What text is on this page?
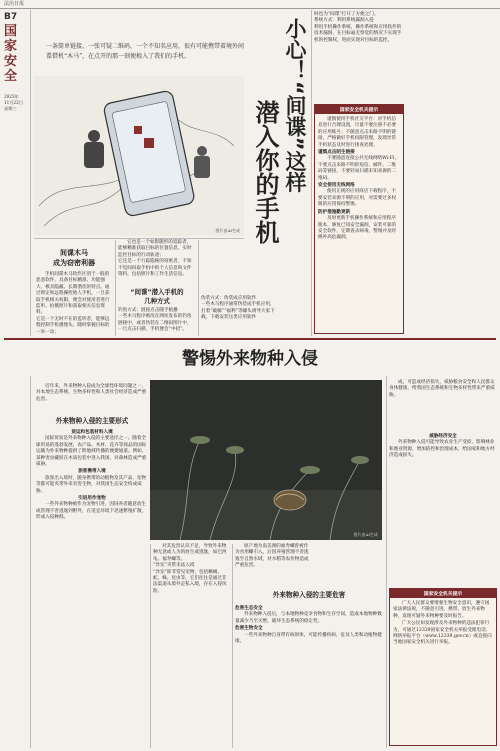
法治日报
B7
国家
安全
2023年
11月22日
星期三
一条简单链接、一张可疑二维码、一个不知名应用，很有可能携带着境外间谍借机“木马”，在点开的那一刻便植入了我们的手机。	小心！“间谍”这样
潜入你的手机
图片由AI生成
间谍木马
成为窃密利器
手机间谍木马软件区别于一般的恶意软件，具备目标精准、功能强大、极具隐蔽、长期潜伏的特点。通过锁定和远程操控他人手机，一旦获取手机相关权限，便会对使用者进行监听、拍摄照片和获取相关信息资料。
它是一个无时不在的监听者，能够远程控制手机摄像头、随时掌握目标的一举一动；
它也是一个如影随形的追踪者，能够精准获取目标的位置信息，实时监控目标的行动轨迹；
它还是一个行踪隐秘的窃密者，不知不觉间窃取手机中的个人信息和文件资料，包括照片和工作生活信息。
“间谍”潜入手机的
几种方式
钓鱼方式：链接点击随手植播
一些木马程序被改在网址发布的钓鱼链接中，或者伪装在二维码图片中，一旦点击扫描，手机便会“中招”。
伪装方式：伪装成应用软件
一些木马程序通常伪装成手机应用，打着“破解”“福利”等噱头诱导大家下载，下载安装这类应用软件
时也为“间谍”打开了方便之门。
系统方式：利用系统漏洞入侵
利用手机操作系统、操作系统和应用软件的技术漏洞，在目标毫无察觉的情况下实现手机的控制权，进而实现对目标的监控。
国家安全机关提示
谨慎使用手机社交平台：对手机信息进行合理设置，尽量不要注册不必要的应用账号；不随意点击来路不明的链接，严格做好手机权限管理，发现异常手机状态及时进行排查处理。
谨慎点击陌生链接
不要随意连接公共无线网络Wi-Fi，不要点击来路不明的短信、邮件、二维码等链接，不要轻易扫描未知来源的二维码。
安全使用无线网络
使用正规的应用商店下载程序，不要安装来源不明的应用，对需要过多权限的应用保持警惕。
防护措施勤更新
及时更新手机操作系统和应用程序版本，修复已知安全漏洞，安装可靠的安全软件，定期查杀病毒，警惕并及时修补高危漏洞。
警惕外来物种入侵
近年来，外来物种入侵成为全球性环境问题之一，对本地生态系统、生物多样性和人类社会经济造成严重危害。
外来物种入侵的主要形式
货运和包装材料入境
国际贸易是外来物种入侵的主要途径之一。随着全球贸易的蓬勃发展，农产品、木材、花卉等商品的国际运输为外来物种提供了跨地域传播的便捷通道。例如，某种害虫藏匿在木质包装中进入我国，对森林造成严重威胁。
旅客携带入境
旅客出入境时，随身携带的动植物及其产品、宠物等都可能夹带外来有害生物，对我国生态安全构成威胁。
引进用作宠物
一些外来物种被作为宠物引进，因饲养者随意放生或管理不善逃逸到野外，在适宜环境下迅速繁殖扩散，形成入侵种群。
图片由AI生成
对其危害认识不足，导致外来物种无意或人为的放生或逃逸，如巴西龟、福寿螺等。
“异宠”夹带未法入境
“异宠”即非常见宠物，包括蜥蜴、蛇、蛛、昆虫等，它们往往是通过非法渠道从境外走私入境，存在入侵风险。
原产地为南美洲的福寿螺曾被作为食用螺引入，后因养殖管理不善逃逸至自然水域，对水稻等农作物造成严重危害。
外来物种入侵的主要危害
危害生态安全
外来物种入侵后，与本地物种竞争食物和生存空间，造成本地物种数量减少乃至灭绝，破坏生态系统的稳定性。
危害生物安全
一些外来物种自身带有病原体，可能传播疾病，危及人类和动植物健康。
成，可造成经济损失，威胁粮食安全和人民群众身体健康，给我国生态系统和生物多样性带来严重威胁。
威胁经济安全
外来物种入侵可能导致农业生产受损，影响林业和渔业资源，增加防控和治理成本，给国家和地方经济造成损失。
国家安全机关提示
广大人民群众要增强生物安全意识，遵守国家法律法规，不随意引进、携带、放生外来物种，发现可疑外来物种要及时报告。
广大公民如发现涉及外来物种的违法犯罪行为，可通过12339国家安全机关举报受理电话、网络举报平台（www.12339.gov.cn）或直接向当地国家安全机关进行举报。
